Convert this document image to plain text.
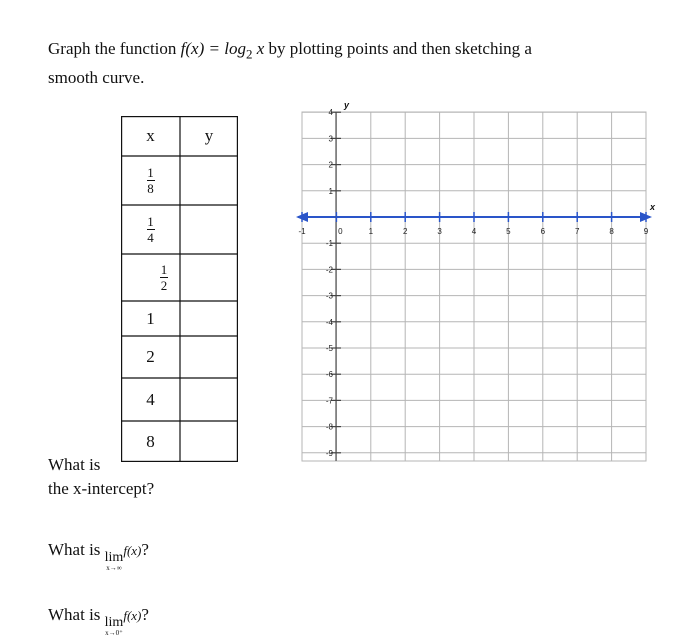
Graph the function $f(x) = \log_2 x$ by plotting points and then sketching a
smooth curve.
x	y
$\frac{1}{8}$
$\frac{1}{4}$
$\frac{1}{2}$
1
2
4
8
-1	0	1	2	3	4	5	6	7	8	9
4
3
2
1
-1
-2
-3
-4
-5
-6
-7
-8
-9
x
y
What is
the x-intercept?
What is lim
x→∞
f(x)?
What is lim
x→0⁺
f(x)?
